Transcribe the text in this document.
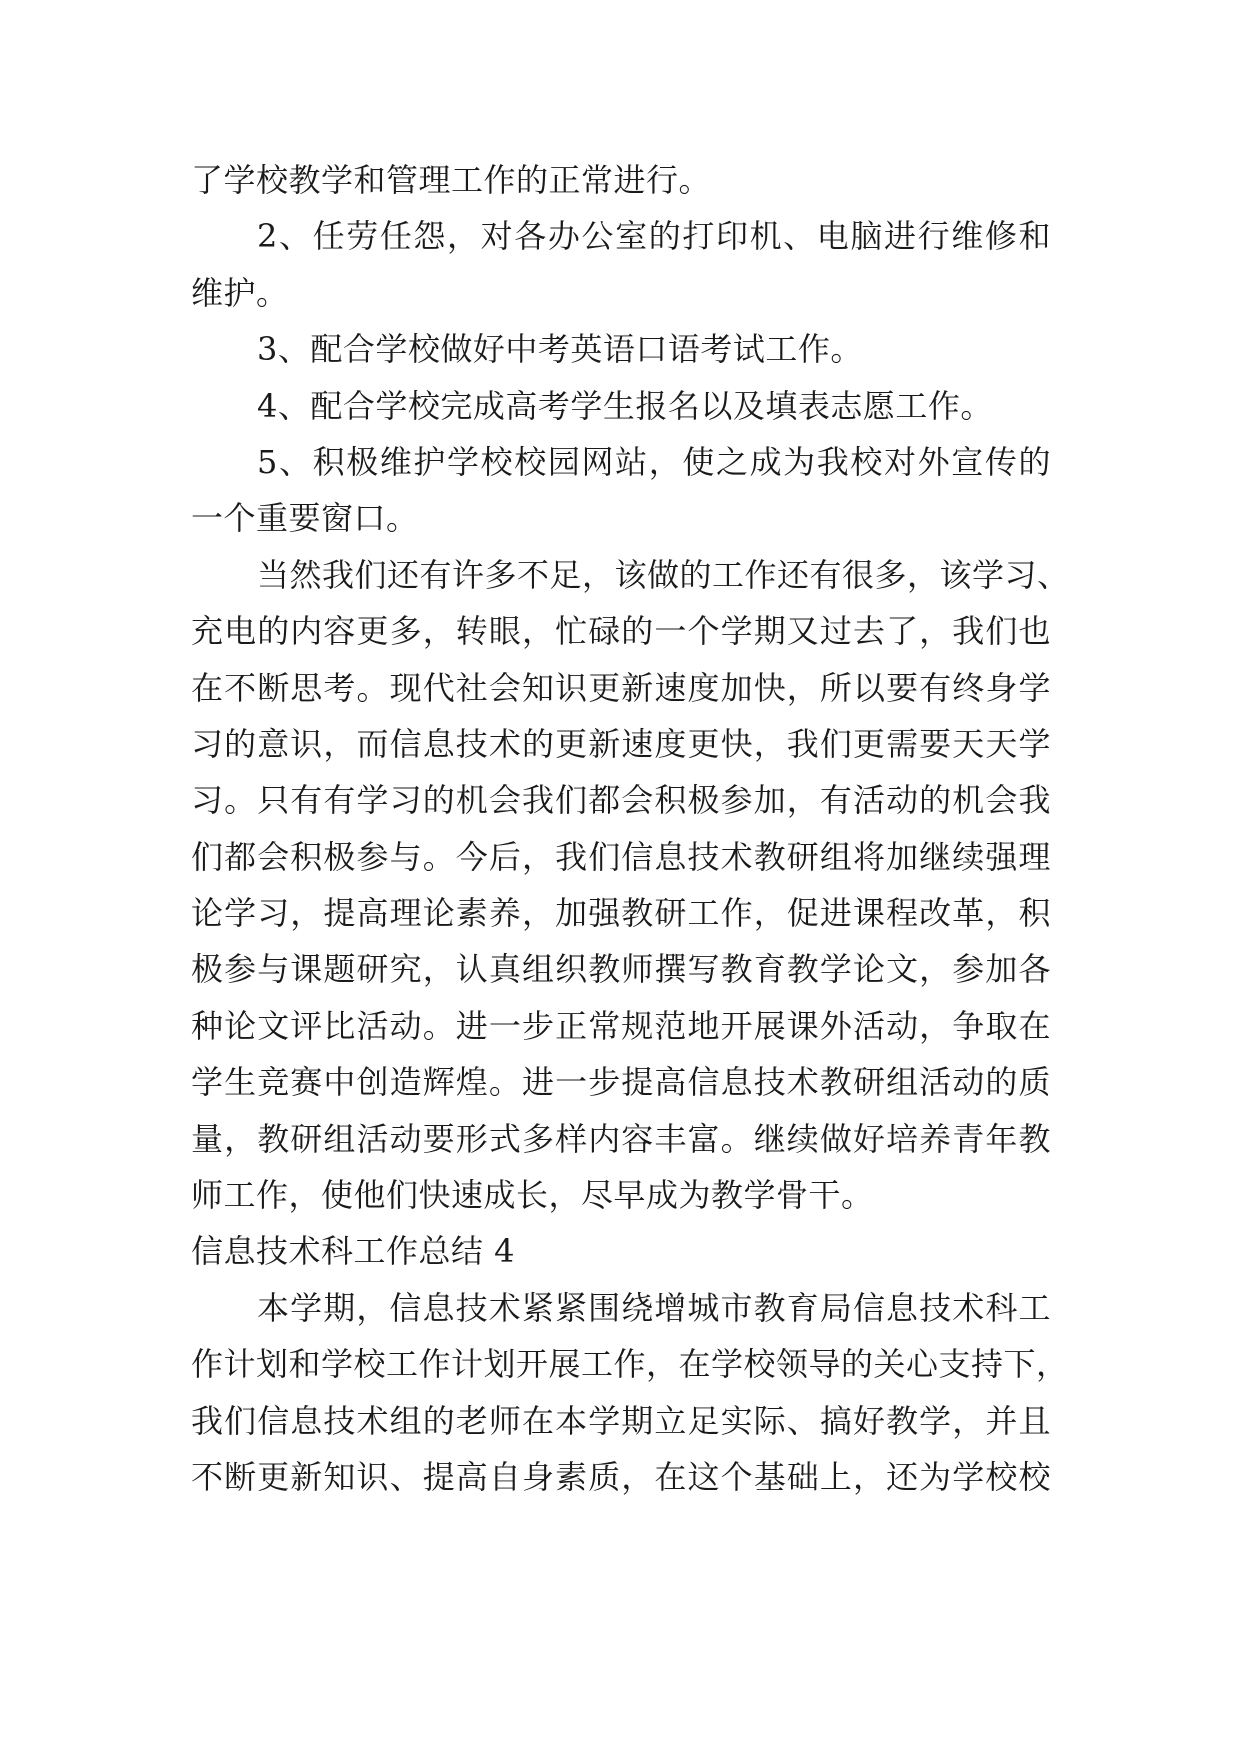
了学校教学和管理工作的正常进行。
2、任劳任怨，对各办公室的打印机、电脑进行维修和
维护。
3、配合学校做好中考英语口语考试工作。
4、配合学校完成高考学生报名以及填表志愿工作。
5、积极维护学校校园网站，使之成为我校对外宣传的
一个重要窗口。
当然我们还有许多不足，该做的工作还有很多，该学习、
充电的内容更多，转眼，忙碌的一个学期又过去了，我们也
在不断思考。现代社会知识更新速度加快，所以要有终身学
习的意识，而信息技术的更新速度更快，我们更需要天天学
习。只有有学习的机会我们都会积极参加，有活动的机会我
们都会积极参与。今后，我们信息技术教研组将加继续强理
论学习，提高理论素养，加强教研工作，促进课程改革，积
极参与课题研究，认真组织教师撰写教育教学论文，参加各
种论文评比活动。进一步正常规范地开展课外活动，争取在
学生竞赛中创造辉煌。进一步提高信息技术教研组活动的质
量，教研组活动要形式多样内容丰富。继续做好培养青年教
师工作，使他们快速成长，尽早成为教学骨干。
信息技术科工作总结 4
本学期，信息技术紧紧围绕增城市教育局信息技术科工
作计划和学校工作计划开展工作，在学校领导的关心支持下，
我们信息技术组的老师在本学期立足实际、搞好教学，并且
不断更新知识、提高自身素质，在这个基础上，还为学校校
